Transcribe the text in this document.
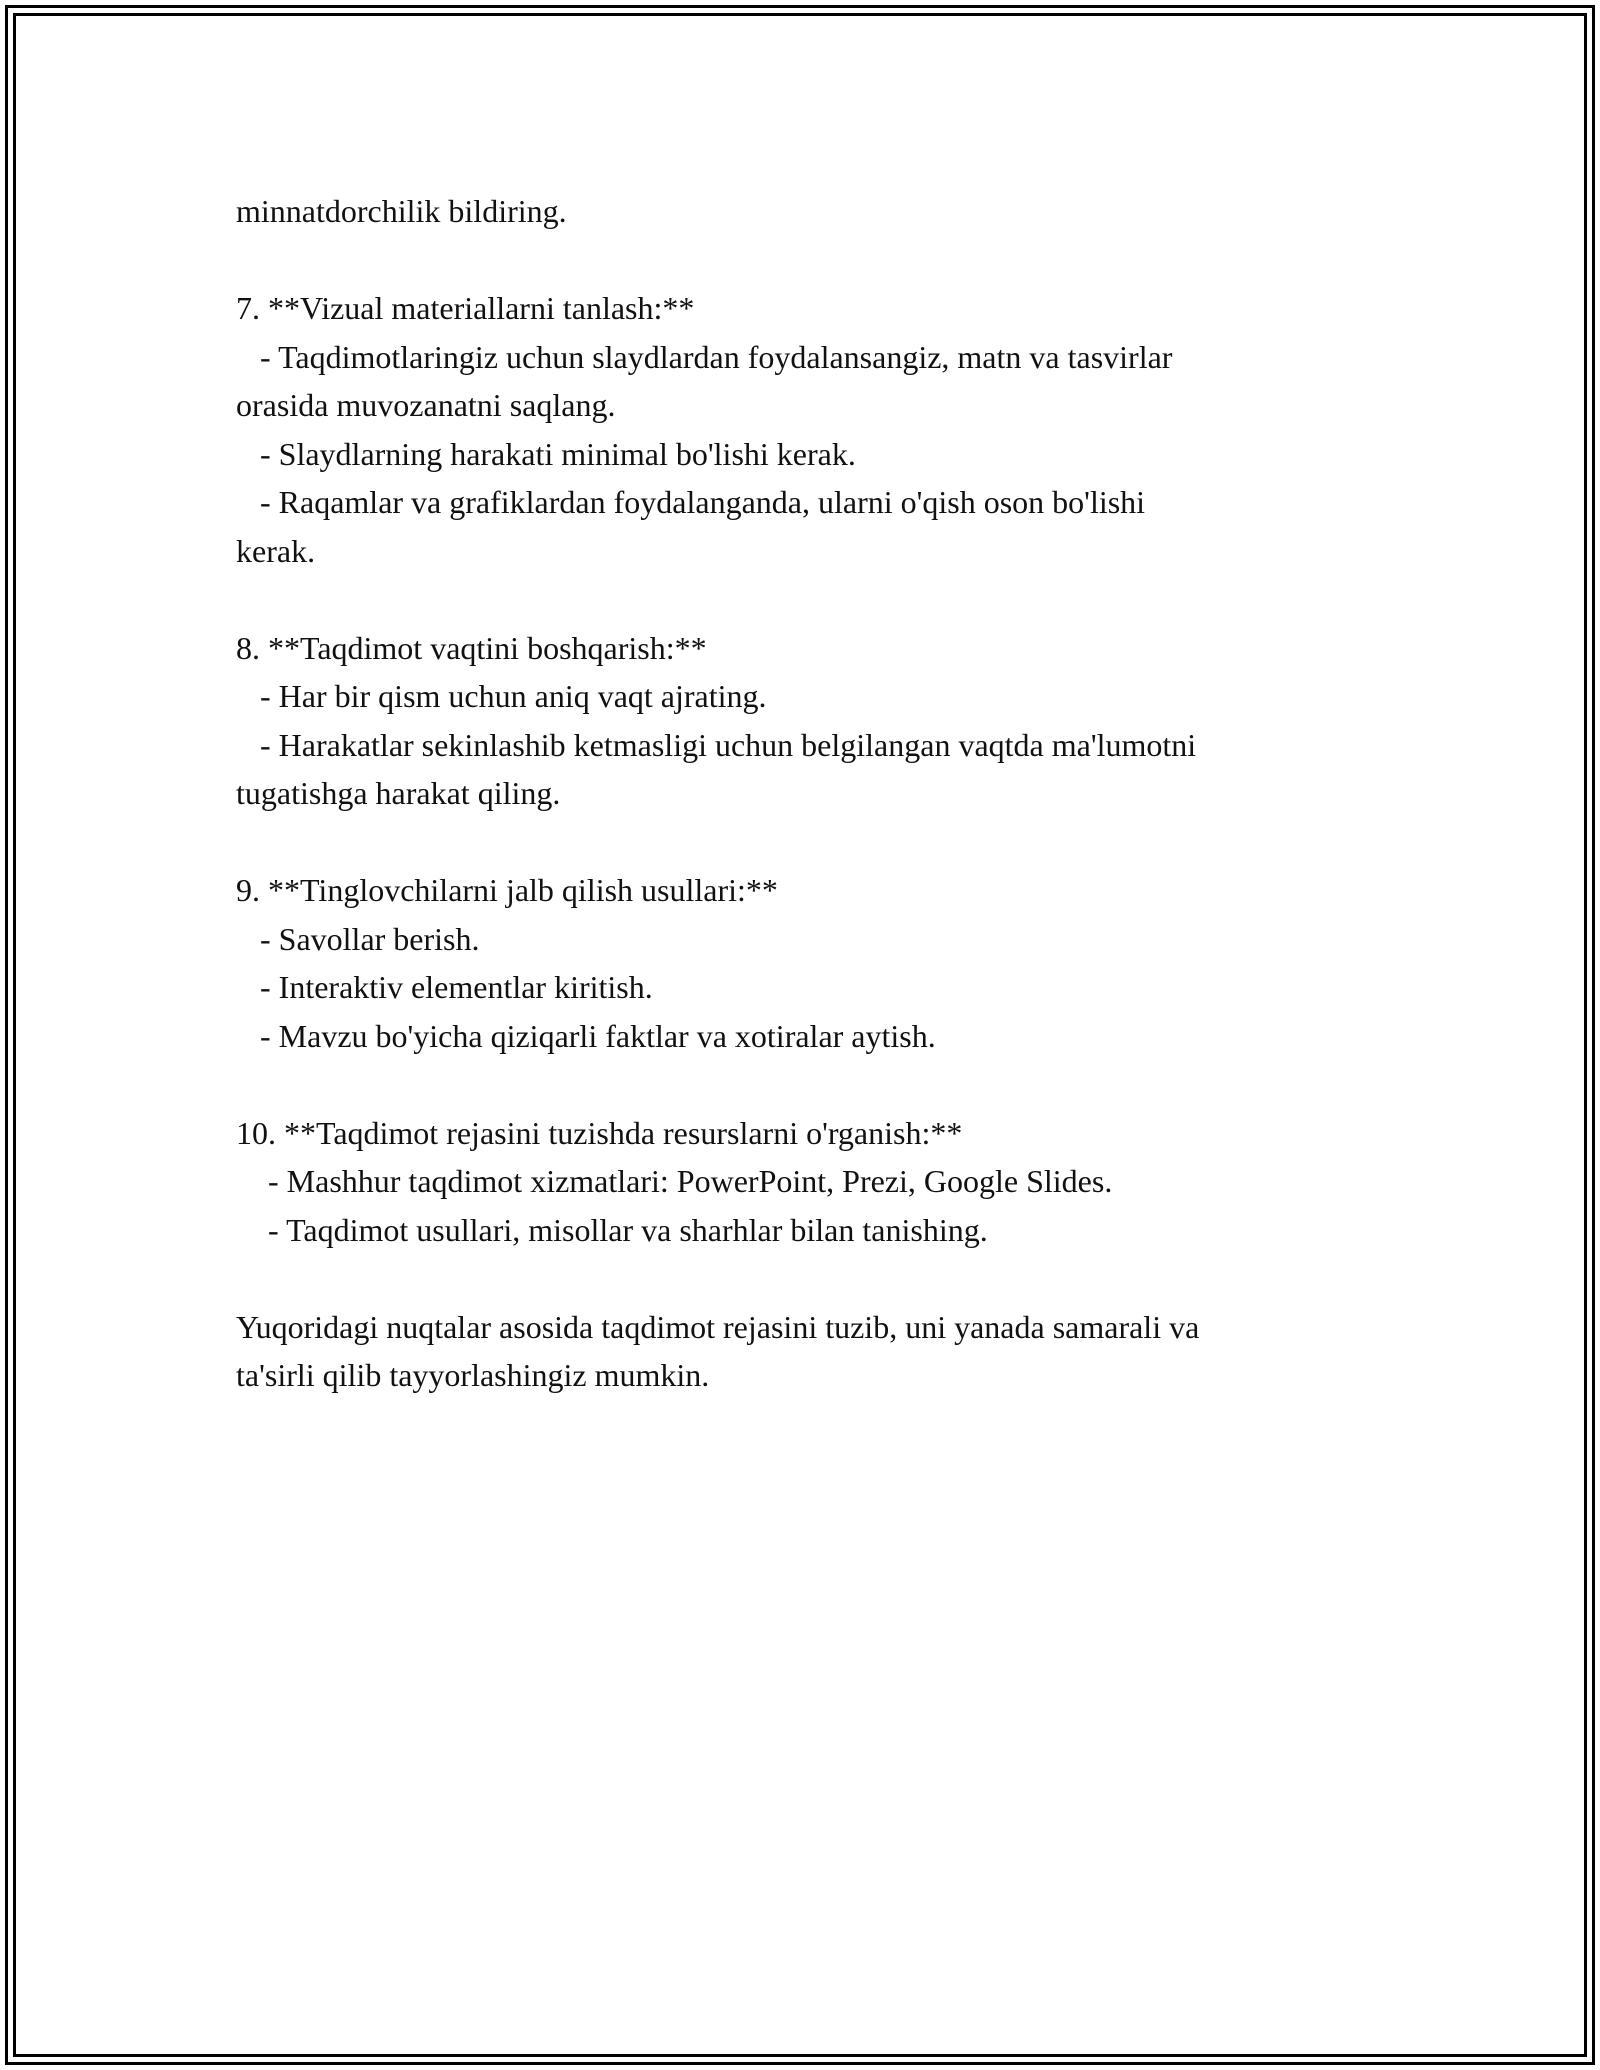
minnatdorchilik bildiring.

7. **Vizual materiallarni tanlash:**

- Taqdimotlaringiz uchun slaydlardan foydalansangiz, matn va tasvirlar

orasida muvozanatni saqlang.

- Slaydlarning harakati minimal bo'lishi kerak.

- Raqamlar va grafiklardan foydalanganda, ularni o'qish oson bo'lishi

kerak.

8. **Taqdimot vaqtini boshqarish:**

- Har bir qism uchun aniq vaqt ajrating.

- Harakatlar sekinlashib ketmasligi uchun belgilangan vaqtda ma'lumotni

tugatishga harakat qiling.

9. **Tinglovchilarni jalb qilish usullari:**

- Savollar berish.

- Interaktiv elementlar kiritish.

- Mavzu bo'yicha qiziqarli faktlar va xotiralar aytish.

10. **Taqdimot rejasini tuzishda resurslarni o'rganish:**

- Mashhur taqdimot xizmatlari: PowerPoint, Prezi, Google Slides.

- Taqdimot usullari, misollar va sharhlar bilan tanishing.

Yuqoridagi nuqtalar asosida taqdimot rejasini tuzib, uni yanada samarali va

ta'sirli qilib tayyorlashingiz mumkin.
